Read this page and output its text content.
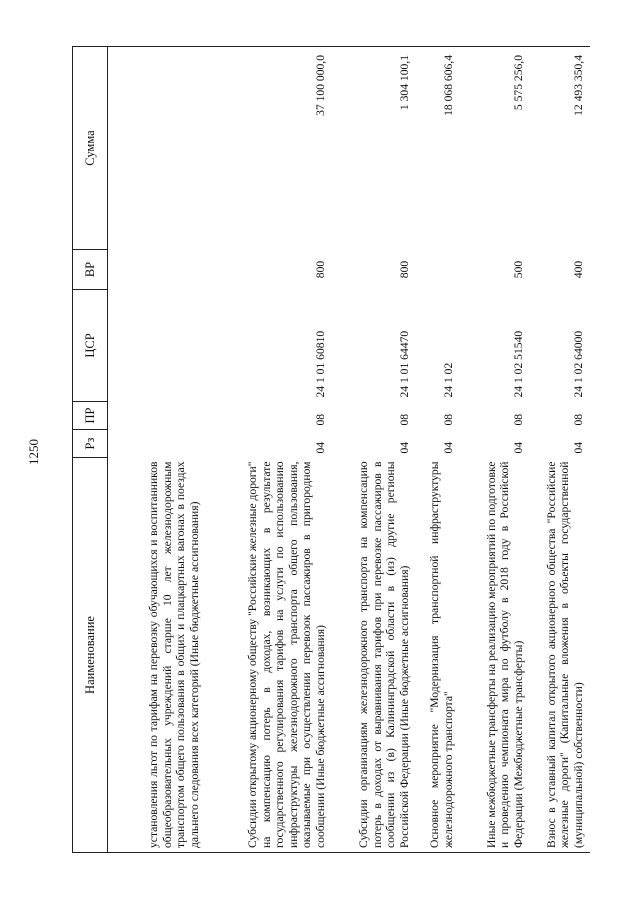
1250
Наименование	Рз	ПР	ЦСР	ВР	Сумма
установления льгот по тарифам на перевозку обучающихся и воспитанников общеобразовательных учреждений старше 10 лет железнодорожным транспортом общего пользования в общих и плацкартных вагонах в поездах дальнего следования всех категорий (Иные бюджетные ассигнования)					
Субсидии открытому акционерному обществу "Российские железные дороги" на компенсацию потерь в доходах, возникающих в результате государственного регулирования тарифов на услуги по использованию инфраструктуры железнодорожного транспорта общего пользования, оказываемые при осуществлении перевозок пассажиров в пригородном сообщении (Иные бюджетные ассигнования)	04	08	24 1 01 60810	800	37 100 000,0
Субсидии организациям железнодорожного транспорта на компенсацию потерь в доходах от выравнивания тарифов при перевозке пассажиров в сообщении из (в) Калининградской области в (из) другие регионы Российской Федерации (Иные бюджетные ассигнования)	04	08	24 1 01 64470	800	1 304 100,1
Основное мероприятие "Модернизация транспортной инфраструктуры железнодорожного транспорта"	04	08	24 1 02		18 068 606,4
Иные межбюджетные трансферты на реализацию мероприятий по подготовке и проведению чемпионата мира по футболу в 2018 году в Российской Федерации (Межбюджетные трансферты)	04	08	24 1 02 51540	500	5 575 256,0
Взнос в уставный капитал открытого акционерного общества "Российские железные дороги" (Капитальные вложения в объекты государственной (муниципальной) собственности)	04	08	24 1 02 64000	400	12 493 350,4
